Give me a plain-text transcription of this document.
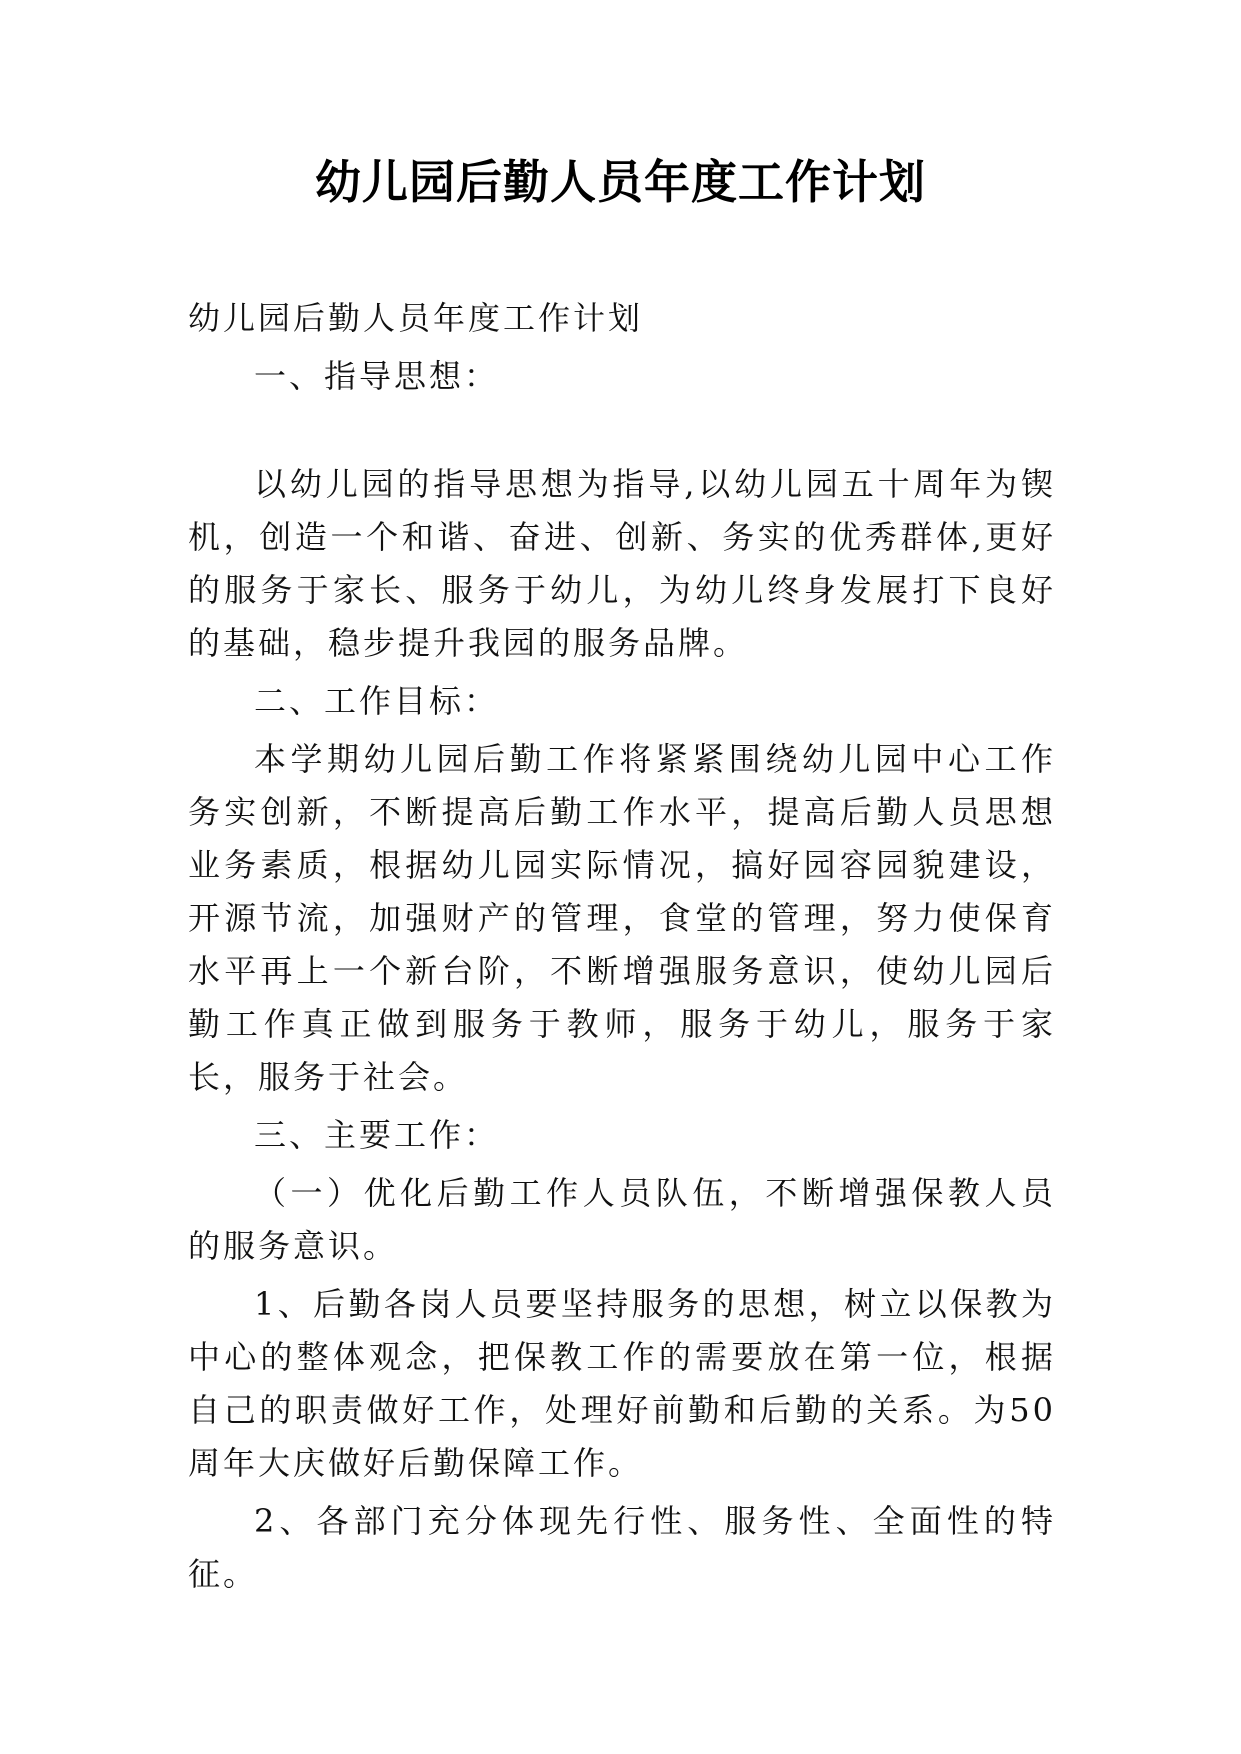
幼儿园后勤人员年度工作计划

幼儿园后勤人员年度工作计划

一、指导思想：

以幼儿园的指导思想为指导,以幼儿园五十周年为锲机，创造一个和谐、奋进、创新、务实的优秀群体,更好的服务于家长、服务于幼儿，为幼儿终身发展打下良好的基础，稳步提升我园的服务品牌。

二、工作目标：

本学期幼儿园后勤工作将紧紧围绕幼儿园中心工作务实创新，不断提高后勤工作水平，提高后勤人员思想业务素质，根据幼儿园实际情况，搞好园容园貌建设，开源节流，加强财产的管理，食堂的管理，努力使保育水平再上一个新台阶，不断增强服务意识，使幼儿园后勤工作真正做到服务于教师，服务于幼儿，服务于家长，服务于社会。

三、主要工作：

（一）优化后勤工作人员队伍，不断增强保教人员的服务意识。

1、后勤各岗人员要坚持服务的思想，树立以保教为中心的整体观念，把保教工作的需要放在第一位，根据自己的职责做好工作，处理好前勤和后勤的关系。为50周年大庆做好后勤保障工作。

2、各部门充分体现先行性、服务性、全面性的特征。
